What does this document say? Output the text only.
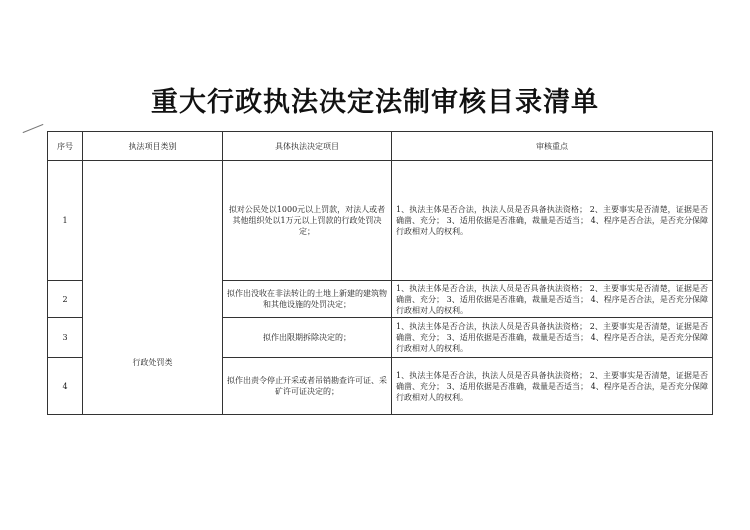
重大行政执法决定法制审核目录清单
序号	执法项目类别	具体执法决定项目	审核重点
1	行政处罚类	拟对公民处以1000元以上罚款，对法人或者其他组织处以1万元以上罚款的行政处罚决定；	1、执法主体是否合法，执法人员是否具备执法资格； 2、主要事实是否清楚，证据是否确凿、充分； 3、适用依据是否准确，裁量是否适当； 4、程序是否合法，是否充分保障行政相对人的权利。

2		拟作出没收在非法转让的土地上新建的建筑物和其他设施的处罚决定；	1、执法主体是否合法，执法人员是否具备执法资格； 2、主要事实是否清楚，证据是否确凿、充分； 3、适用依据是否准确，裁量是否适当； 4、程序是否合法，是否充分保障行政相对人的权利。

3		拟作出限期拆除决定的；	1、执法主体是否合法，执法人员是否具备执法资格； 2、主要事实是否清楚，证据是否确凿、充分； 3、适用依据是否准确，裁量是否适当； 4、程序是否合法，是否充分保障行政相对人的权利。

4		拟作出责令停止开采或者吊销勘查许可证、采矿许可证决定的；	1、执法主体是否合法，执法人员是否具备执法资格； 2、主要事实是否清楚，证据是否确凿、充分； 3、适用依据是否准确，裁量是否适当； 4、程序是否合法，是否充分保障行政相对人的权利。
